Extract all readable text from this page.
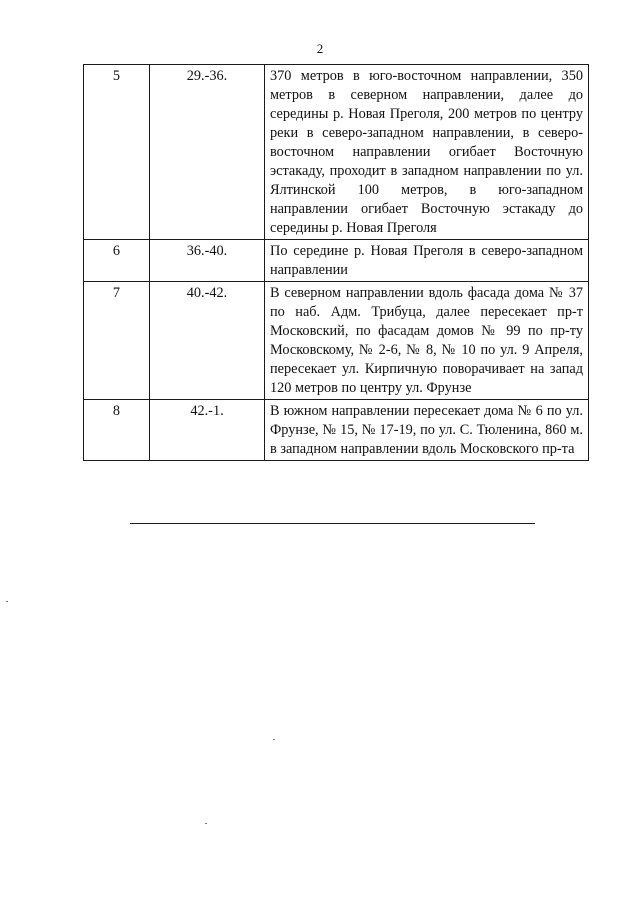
2
5	29.-36.	370 метров в юго-восточном направлении, 350 метров в северном направлении, далее до середины р. Новая Преголя, 200 метров по центру реки в северо-западном направлении, в северо-восточном направлении огибает Восточную эстакаду, проходит в западном направлении по ул. Ялтинской 100 метров, в юго-западном направлении огибает Восточную эстакаду до середины р. Новая Преголя
6	36.-40.	По середине р. Новая Преголя в северо-западном направлении
7	40.-42.	В северном направлении вдоль фасада дома № 37 по наб. Адм. Трибуца, далее пересекает пр-т Московский, по фасадам домов № 99 по пр-ту Московскому, № 2-6, № 8, № 10 по ул. 9 Апреля, пересекает ул. Кирпичную поворачивает на запад 120 метров по центру ул. Фрунзе
8	42.-1.	В южном направлении пересекает дома № 6 по ул. Фрунзе, № 15, № 17-19, по ул. С. Тюленина, 860 м. в западном направлении вдоль Московского пр-та
